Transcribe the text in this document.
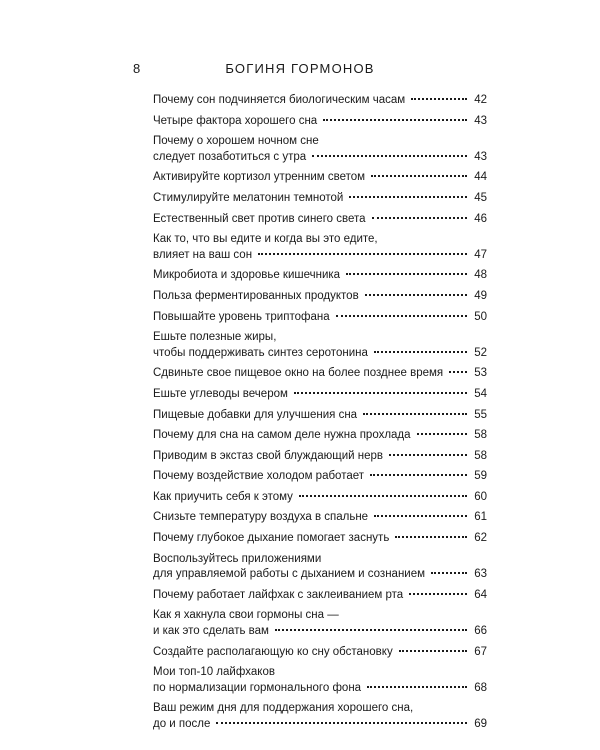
8	БОГИНЯ ГОРМОНОВ
Почему сон подчиняется биологическим часам	42
Четыре фактора хорошего сна	43
Почему о хорошем ночном сне
следует позаботиться с утра	43
Активируйте кортизол утренним светом	44
Стимулируйте мелатонин темнотой	45
Естественный свет против синего света	46
Как то, что вы едите и когда вы это едите,
влияет на ваш сон	47
Микробиота и здоровье кишечника	48
Польза ферментированных продуктов	49
Повышайте уровень триптофана	50
Ешьте полезные жиры,
чтобы поддерживать синтез серотонина	52
Сдвиньте свое пищевое окно на более позднее время	53
Ешьте углеводы вечером	54
Пищевые добавки для улучшения сна	55
Почему для сна на самом деле нужна прохлада	58
Приводим в экстаз свой блуждающий нерв	58
Почему воздействие холодом работает	59
Как приучить себя к этому	60
Снизьте температуру воздуха в спальне	61
Почему глубокое дыхание помогает заснуть	62
Воспользуйтесь приложениями
для управляемой работы с дыханием и сознанием	63
Почему работает лайфхак с заклеиванием рта	64
Как я хакнула свои гормоны сна —
и как это сделать вам	66
Создайте располагающую ко сну обстановку	67
Мои топ-10 лайфхаков
по нормализации гормонального фона	68
Ваш режим дня для поддержания хорошего сна,
до и после	69
